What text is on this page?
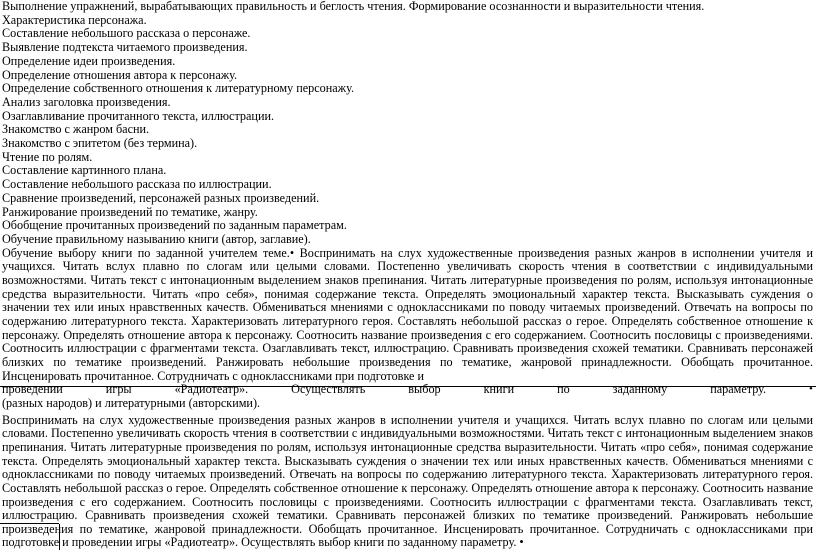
Выполнение упражнений, вырабатывающих правильность и беглость чтения. Формирование осознанности и выразительности чтения.
Характеристика персонажа.
Составление небольшого рассказа о персонаже.
Выявление подтекста читаемого произведения.
Определение идеи произведения.
Определение отношения автора к персонажу.
Определение собственного отношения к литературному персонажу.
Анализ заголовка произведения.
Озаглавливание прочитанного текста, иллюстрации.
Знакомство с жанром басни.
Знакомство с эпитетом (без термина).
Чтение по ролям.
Составление картинного плана.
Составление небольшого рассказа по иллюстрации.
Сравнение произведений, персонажей разных произведений.
Ранжирование произведений по тематике, жанру.
Обобщение прочитанных произведений по заданным параметрам.
Обучение правильному называнию книги (автор, заглавие).
Обучение выбору книги по заданной учителем теме.• Воспринимать на слух художественные произведения разных жанров в исполнении учителя и учащихся. Читать вслух плавно по слогам или целыми словами. Постепенно увеличивать скорость чтения в соответствии с индивидуальными возможностями. Читать текст с интонационным выделением знаков препинания. Читать литературные произведения по ролям, используя интонационные средства выразительности. Читать «про себя», понимая содержание текста. Определять эмоциональный характер текста. Высказывать суждения о значении тех или иных нравственных качеств. Обмениваться мнениями с одноклассниками по поводу читаемых произведений. Отвечать на вопросы по содержанию литературного текста. Характеризовать литературного героя. Составлять небольшой рассказ о герое. Определять собственное отношение к персонажу. Определять отношение автора к персонажу. Соотносить название произведения с его содержанием. Соотносить пословицы с произведениями. Соотносить иллюстрации с фрагментами текста. Озаглавливать текст, иллюстрацию. Сравнивать произведения схожей тематики. Сравнивать персонажей близких по тематике произведений. Ранжировать небольшие произведения по тематике, жанровой принадлежности. Обобщать прочитанное. Инсценировать прочитанное. Сотрудничать с одноклассниками при подготовке и
проведении	игры	«Радиотеатр».	Осуществлять	выбор	книги	по	заданному	параметру.	•
(разных народов) и литературными (авторскими).
Воспринимать на слух художественные произведения разных жанров в исполнении учителя и учащихся. Читать вслух плавно по слогам или целыми словами. Постепенно увеличивать скорость чтения в соответствии с индивидуальными возможностями. Читать текст с интонационным выделением знаков препинания. Читать литературные произведения по ролям, используя интонационные средства выразительности. Читать «про себя», понимая содержание текста. Определять эмоциональный характер текста. Высказывать суждения о значении тех или иных нравственных качеств. Обмениваться мнениями с одноклассниками по поводу читаемых произведений. Отвечать на вопросы по содержанию литературного текста. Характеризовать литературного героя. Составлять небольшой рассказ о герое. Определять собственное отношение к персонажу. Определять отношение автора к персонажу. Соотносить название произведения с его содержанием. Соотносить пословицы с произведениями. Соотносить иллюстрации с фрагментами текста. Озаглавливать текст, иллюстрацию. Сравнивать произведения схожей тематики. Сравнивать персонажей близких по тематике произведений. Ранжировать небольшие произведения по тематике, жанровой принадлежности. Обобщать прочитанное. Инсценировать прочитанное. Сотрудничать с одноклассниками при подготовке и проведении игры «Радиотеатр». Осуществлять выбор книги по заданному параметру. •
